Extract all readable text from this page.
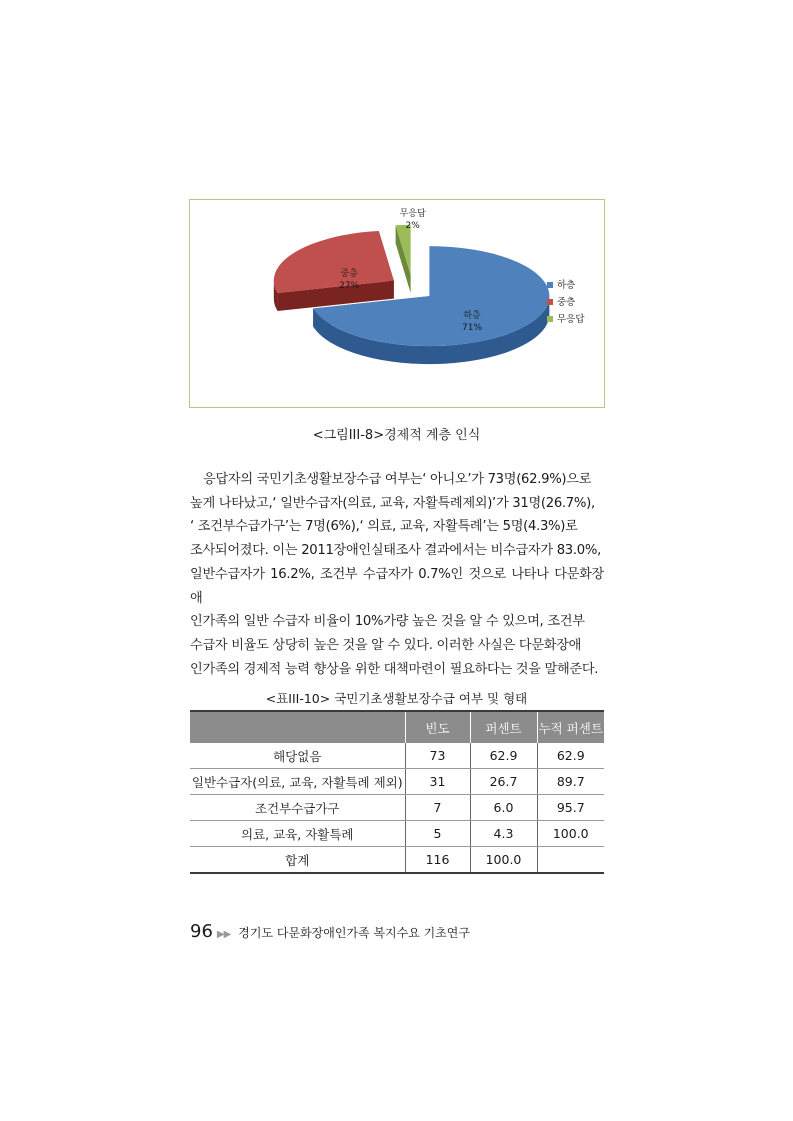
하층 71%
중층 27%
무응답 2%
하층
중층
무응답
<그림III-8>경제적 계층 인식
응답자의 국민기초생활보장수급 여부는‘ 아니오’가 73명(62.9%)으로
높게 나타났고,‘ 일반수급자(의료, 교육, 자활특례제외)’가 31명(26.7%),
‘ 조건부수급가구’는 7명(6%),‘ 의료, 교육, 자활특례’는 5명(4.3%)로
조사되어졌다. 이는 2011장애인실태조사 결과에서는 비수급자가 83.0%,
일반수급자가 16.2%, 조건부 수급자가 0.7%인 것으로 나타나 다문화장애
인가족의 일반 수급자 비율이 10%가량 높은 것을 알 수 있으며, 조건부
수급자 비율도 상당히 높은 것을 알 수 있다. 이러한 사실은 다문화장애
인가족의 경제적 능력 향상을 위한 대책마련이 필요하다는 것을 말해준다.
<표III-10> 국민기초생활보장수급 여부 및 형태
	빈도	퍼센트	누적 퍼센트
해당없음	73	62.9	62.9
일반수급자(의료, 교육, 자활특례 제외)	31	26.7	89.7
조건부수급가구	7	6.0	95.7
의료, 교육, 자활특례	5	4.3	100.0
합계	116	100.0	
96 ▶▶ 경기도 다문화장애인가족 복지수요 기초연구
